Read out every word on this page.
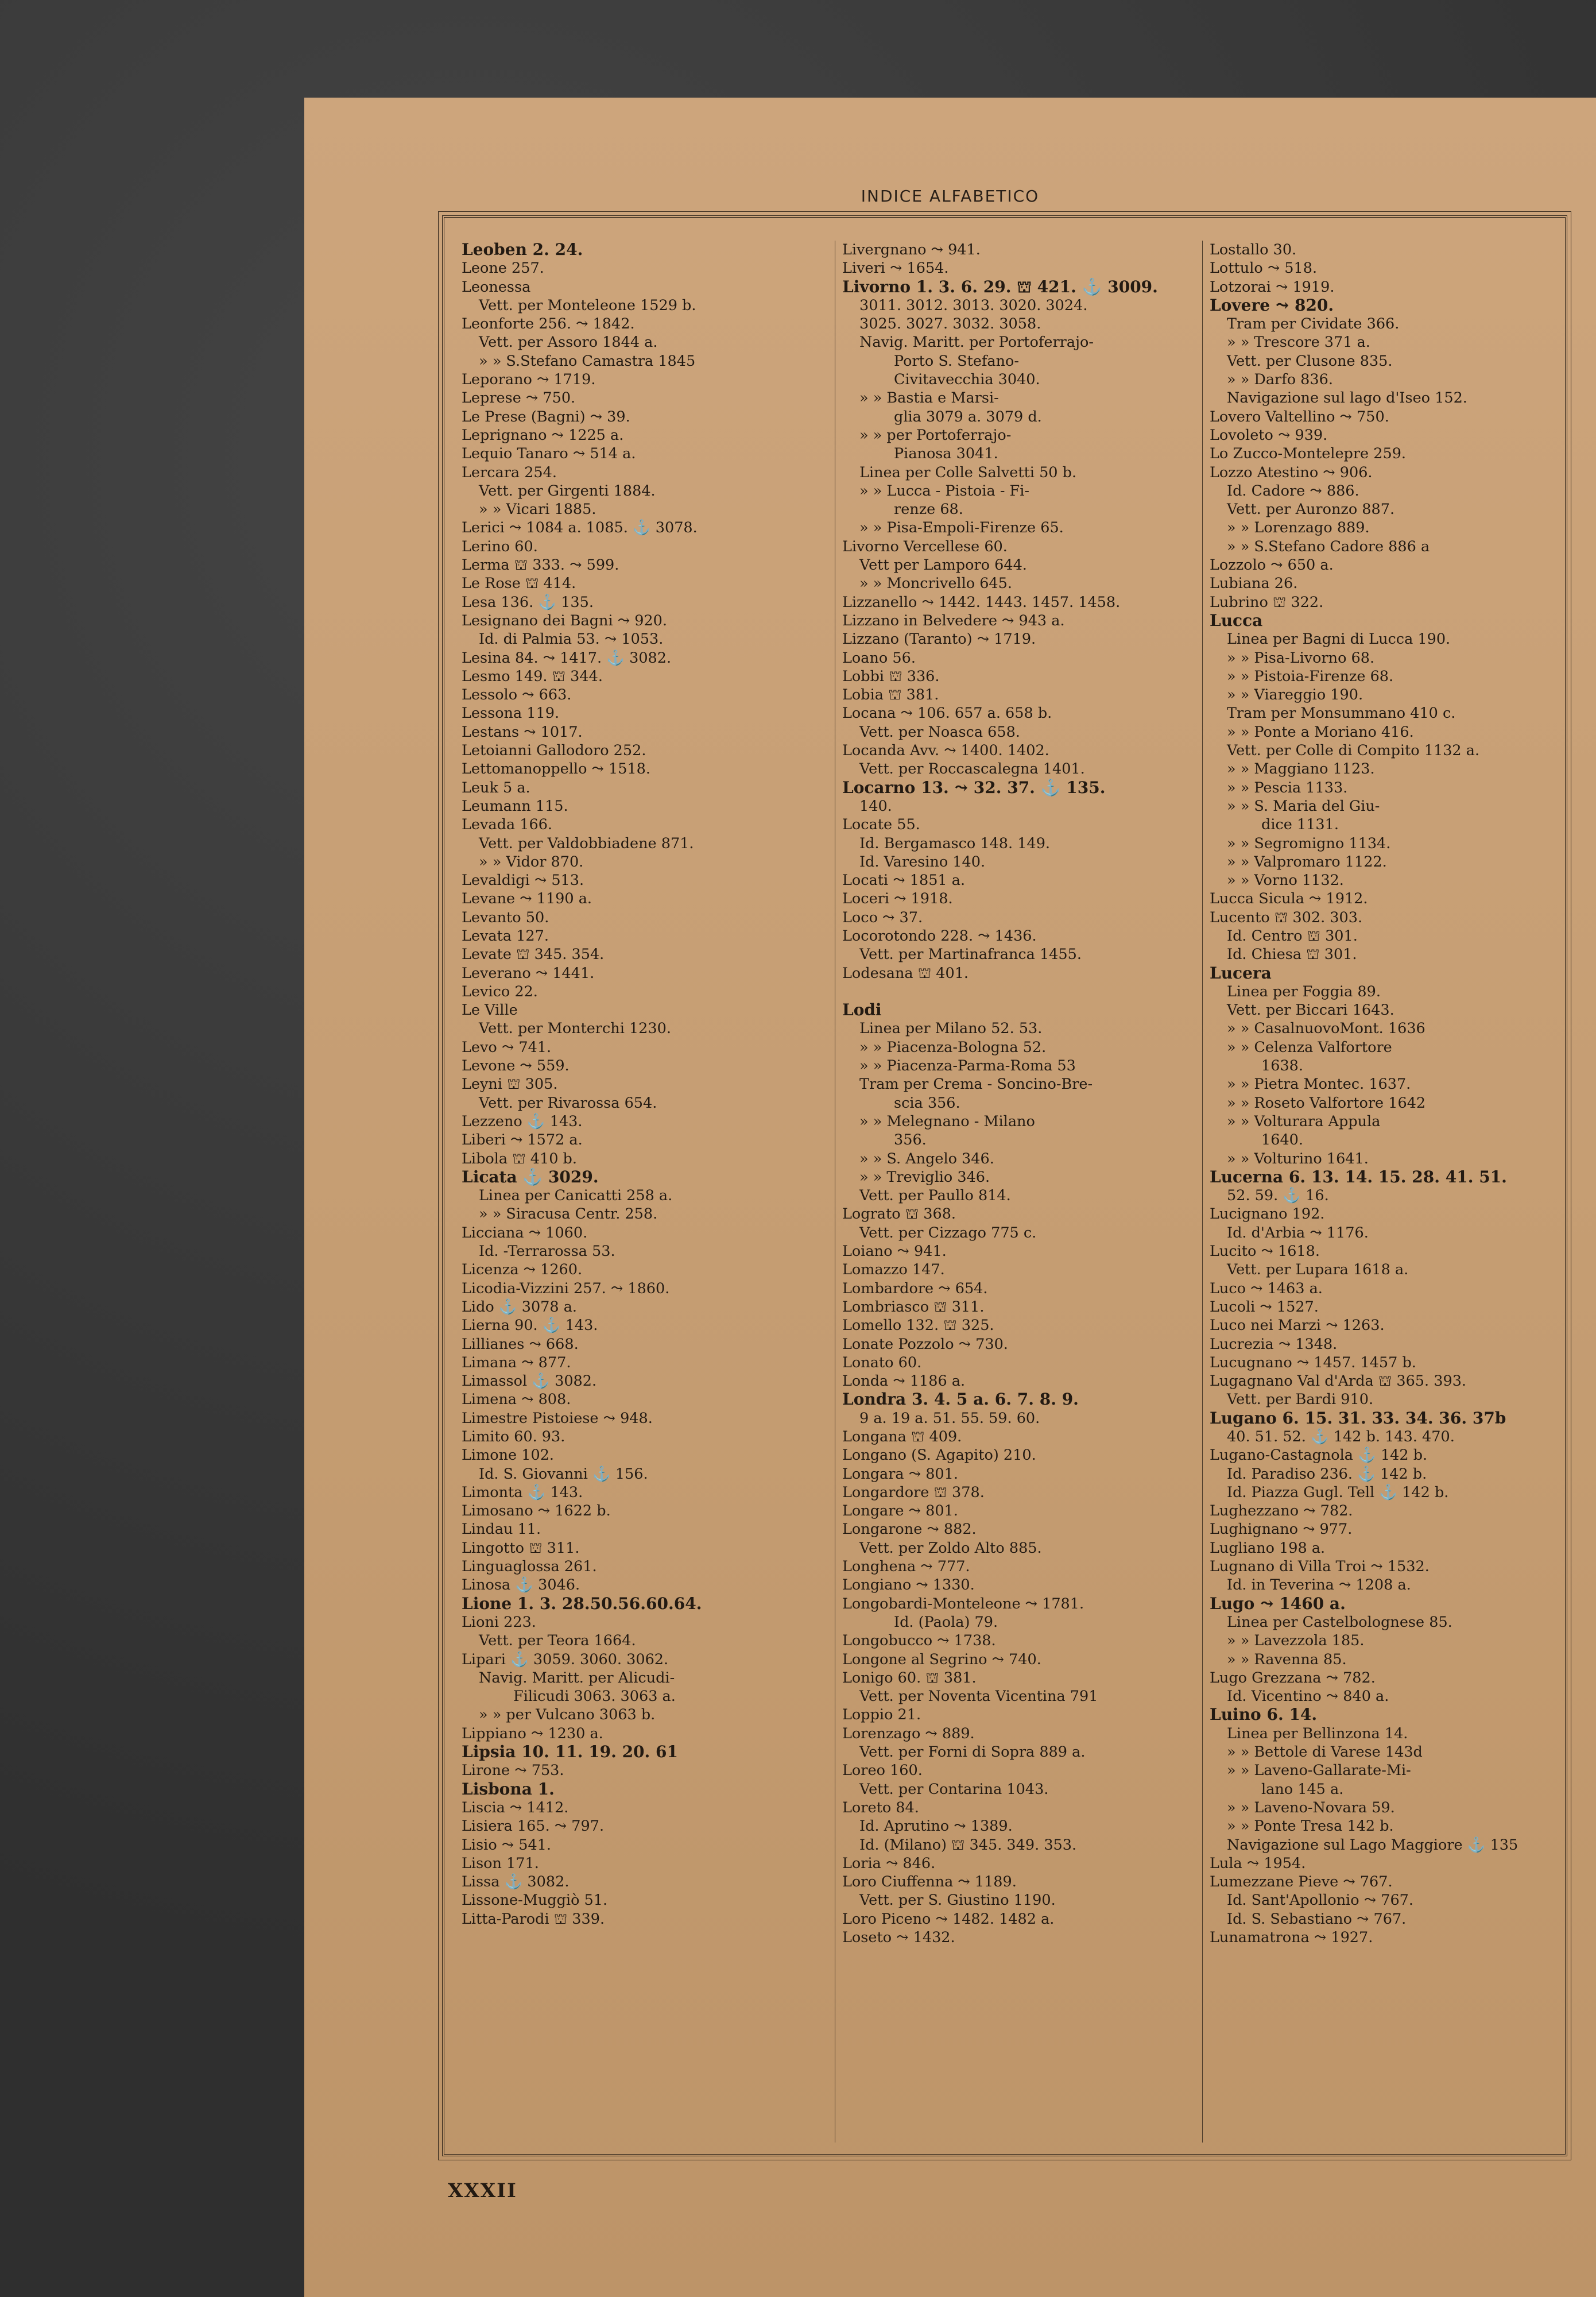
INDICE ALFABETICO
Leoben 2. 24.
Leone 257.
Leonessa
Vett. per Monteleone 1529 b.
Leonforte 256. ⤳ 1842.
Vett. per Assoro 1844 a.
» » S.Stefano Camastra 1845
Leporano ⤳ 1719.
Leprese ⤳ 750.
Le Prese (Bagni) ⤳ 39.
Leprignano ⤳ 1225 a.
Lequio Tanaro ⤳ 514 a.
Lercara 254.
Vett. per Girgenti 1884.
» » Vicari 1885.
Lerici ⤳ 1084 a. 1085. ⚓ 3078.
Lerino 60.
Lerma ⛫ 333. ⤳ 599.
Le Rose ⛫ 414.
Lesa 136. ⚓ 135.
Lesignano dei Bagni ⤳ 920.
Id. di Palmia 53. ⤳ 1053.
Lesina 84. ⤳ 1417. ⚓ 3082.
Lesmo 149. ⛫ 344.
Lessolo ⤳ 663.
Lessona 119.
Lestans ⤳ 1017.
Letoianni Gallodoro 252.
Lettomanoppello ⤳ 1518.
Leuk 5 a.
Leumann 115.
Levada 166.
Vett. per Valdobbiadene 871.
» » Vidor 870.
Levaldigi ⤳ 513.
Levane ⤳ 1190 a.
Levanto 50.
Levata 127.
Levate ⛫ 345. 354.
Leverano ⤳ 1441.
Levico 22.
Le Ville
Vett. per Monterchi 1230.
Levo ⤳ 741.
Levone ⤳ 559.
Leyni ⛫ 305.
Vett. per Rivarossa 654.
Lezzeno ⚓ 143.
Liberi ⤳ 1572 a.
Libola ⛫ 410 b.
Licata ⚓ 3029.
Linea per Canicatti 258 a.
» » Siracusa Centr. 258.
Licciana ⤳ 1060.
Id. -Terrarossa 53.
Licenza ⤳ 1260.
Licodia-Vizzini 257. ⤳ 1860.
Lido ⚓ 3078 a.
Lierna 90. ⚓ 143.
Lillianes ⤳ 668.
Limana ⤳ 877.
Limassol ⚓ 3082.
Limena ⤳ 808.
Limestre Pistoiese ⤳ 948.
Limito 60. 93.
Limone 102.
Id. S. Giovanni ⚓ 156.
Limonta ⚓ 143.
Limosano ⤳ 1622 b.
Lindau 11.
Lingotto ⛫ 311.
Linguaglossa 261.
Linosa ⚓ 3046.
Lione 1. 3. 28.50.56.60.64.
Lioni 223.
Vett. per Teora 1664.
Lipari ⚓ 3059. 3060. 3062.
Navig. Maritt. per Alicudi-
Filicudi 3063. 3063 a.
» » per Vulcano 3063 b.
Lippiano ⤳ 1230 a.
Lipsia 10. 11. 19. 20. 61
Lirone ⤳ 753.
Lisbona 1.
Liscia ⤳ 1412.
Lisiera 165. ⤳ 797.
Lisio ⤳ 541.
Lison 171.
Lissa ⚓ 3082.
Lissone-Muggiò 51.
Litta-Parodi ⛫ 339.
Livergnano ⤳ 941.
Liveri ⤳ 1654.
Livorno 1. 3. 6. 29. ⛫ 421. ⚓ 3009.
3011. 3012. 3013. 3020. 3024.
3025. 3027. 3032. 3058.
Navig. Maritt. per Portoferrajo-
Porto S. Stefano-
Civitavecchia 3040.
» » Bastia e Marsi-
glia 3079 a. 3079 d.
» » per Portoferrajo-
Pianosa 3041.
Linea per Colle Salvetti 50 b.
» » Lucca - Pistoia - Fi-
renze 68.
» » Pisa-Empoli-Firenze 65.
Livorno Vercellese 60.
Vett per Lamporo 644.
» » Moncrivello 645.
Lizzanello ⤳ 1442. 1443. 1457. 1458.
Lizzano in Belvedere ⤳ 943 a.
Lizzano (Taranto) ⤳ 1719.
Loano 56.
Lobbi ⛫ 336.
Lobia ⛫ 381.
Locana ⤳ 106. 657 a. 658 b.
Vett. per Noasca 658.
Locanda Avv. ⤳ 1400. 1402.
Vett. per Roccascalegna 1401.
Locarno 13. ⤳ 32. 37. ⚓ 135.
140.
Locate 55.
Id. Bergamasco 148. 149.
Id. Varesino 140.
Locati ⤳ 1851 a.
Loceri ⤳ 1918.
Loco ⤳ 37.
Locorotondo 228. ⤳ 1436.
Vett. per Martinafranca 1455.
Lodesana ⛫ 401.

Lodi
Linea per Milano 52. 53.
» » Piacenza-Bologna 52.
» » Piacenza-Parma-Roma 53
Tram per Crema - Soncino-Bre-
scia 356.
» » Melegnano - Milano
356.
» » S. Angelo 346.
» » Treviglio 346.
Vett. per Paullo 814.
Lograto ⛫ 368.
Vett. per Cizzago 775 c.
Loiano ⤳ 941.
Lomazzo 147.
Lombardore ⤳ 654.
Lombriasco ⛫ 311.
Lomello 132. ⛫ 325.
Lonate Pozzolo ⤳ 730.
Lonato 60.
Londa ⤳ 1186 a.
Londra 3. 4. 5 a. 6. 7. 8. 9.
9 a. 19 a. 51. 55. 59. 60.
Longana ⛫ 409.
Longano (S. Agapito) 210.
Longara ⤳ 801.
Longardore ⛫ 378.
Longare ⤳ 801.
Longarone ⤳ 882.
Vett. per Zoldo Alto 885.
Longhena ⤳ 777.
Longiano ⤳ 1330.
Longobardi-Monteleone ⤳ 1781.
Id. (Paola) 79.
Longobucco ⤳ 1738.
Longone al Segrino ⤳ 740.
Lonigo 60. ⛫ 381.
Vett. per Noventa Vicentina 791
Loppio 21.
Lorenzago ⤳ 889.
Vett. per Forni di Sopra 889 a.
Loreo 160.
Vett. per Contarina 1043.
Loreto 84.
Id. Aprutino ⤳ 1389.
Id. (Milano) ⛫ 345. 349. 353.
Loria ⤳ 846.
Loro Ciuffenna ⤳ 1189.
Vett. per S. Giustino 1190.
Loro Piceno ⤳ 1482. 1482 a.
Loseto ⤳ 1432.
Lostallo 30.
Lottulo ⤳ 518.
Lotzorai ⤳ 1919.
Lovere ⤳ 820.
Tram per Cividate 366.
» » Trescore 371 a.
Vett. per Clusone 835.
» » Darfo 836.
Navigazione sul lago d'Iseo 152.
Lovero Valtellino ⤳ 750.
Lovoleto ⤳ 939.
Lo Zucco-Montelepre 259.
Lozzo Atestino ⤳ 906.
Id. Cadore ⤳ 886.
Vett. per Auronzo 887.
» » Lorenzago 889.
» » S.Stefano Cadore 886 a
Lozzolo ⤳ 650 a.
Lubiana 26.
Lubrino ⛫ 322.
Lucca
Linea per Bagni di Lucca 190.
» » Pisa-Livorno 68.
» » Pistoia-Firenze 68.
» » Viareggio 190.
Tram per Monsummano 410 c.
» » Ponte a Moriano 416.
Vett. per Colle di Compito 1132 a.
» » Maggiano 1123.
» » Pescia 1133.
» » S. Maria del Giu-
dice 1131.
» » Segromigno 1134.
» » Valpromaro 1122.
» » Vorno 1132.
Lucca Sicula ⤳ 1912.
Lucento ⛫ 302. 303.
Id. Centro ⛫ 301.
Id. Chiesa ⛫ 301.
Lucera
Linea per Foggia 89.
Vett. per Biccari 1643.
» » CasalnuovoMont. 1636
» » Celenza Valfortore
1638.
» » Pietra Montec. 1637.
» » Roseto Valfortore 1642
» » Volturara Appula
1640.
» » Volturino 1641.
Lucerna 6. 13. 14. 15. 28. 41. 51.
52. 59. ⚓ 16.
Lucignano 192.
Id. d'Arbia ⤳ 1176.
Lucito ⤳ 1618.
Vett. per Lupara 1618 a.
Luco ⤳ 1463 a.
Lucoli ⤳ 1527.
Luco nei Marzi ⤳ 1263.
Lucrezia ⤳ 1348.
Lucugnano ⤳ 1457. 1457 b.
Lugagnano Val d'Arda ⛫ 365. 393.
Vett. per Bardi 910.
Lugano 6. 15. 31. 33. 34. 36. 37b
40. 51. 52. ⚓ 142 b. 143. 470.
Lugano-Castagnola ⚓ 142 b.
Id. Paradiso 236. ⚓ 142 b.
Id. Piazza Gugl. Tell ⚓ 142 b.
Lughezzano ⤳ 782.
Lughignano ⤳ 977.
Lugliano 198 a.
Lugnano di Villa Troi ⤳ 1532.
Id. in Teverina ⤳ 1208 a.
Lugo ⤳ 1460 a.
Linea per Castelbolognese 85.
» » Lavezzola 185.
» » Ravenna 85.
Lugo Grezzana ⤳ 782.
Id. Vicentino ⤳ 840 a.
Luino 6. 14.
Linea per Bellinzona 14.
» » Bettole di Varese 143d
» » Laveno-Gallarate-Mi-
lano 145 a.
» » Laveno-Novara 59.
» » Ponte Tresa 142 b.
Navigazione sul Lago Maggiore ⚓ 135
Lula ⤳ 1954.
Lumezzane Pieve ⤳ 767.
Id. Sant'Apollonio ⤳ 767.
Id. S. Sebastiano ⤳ 767.
Lunamatrona ⤳ 1927.
XXXII
